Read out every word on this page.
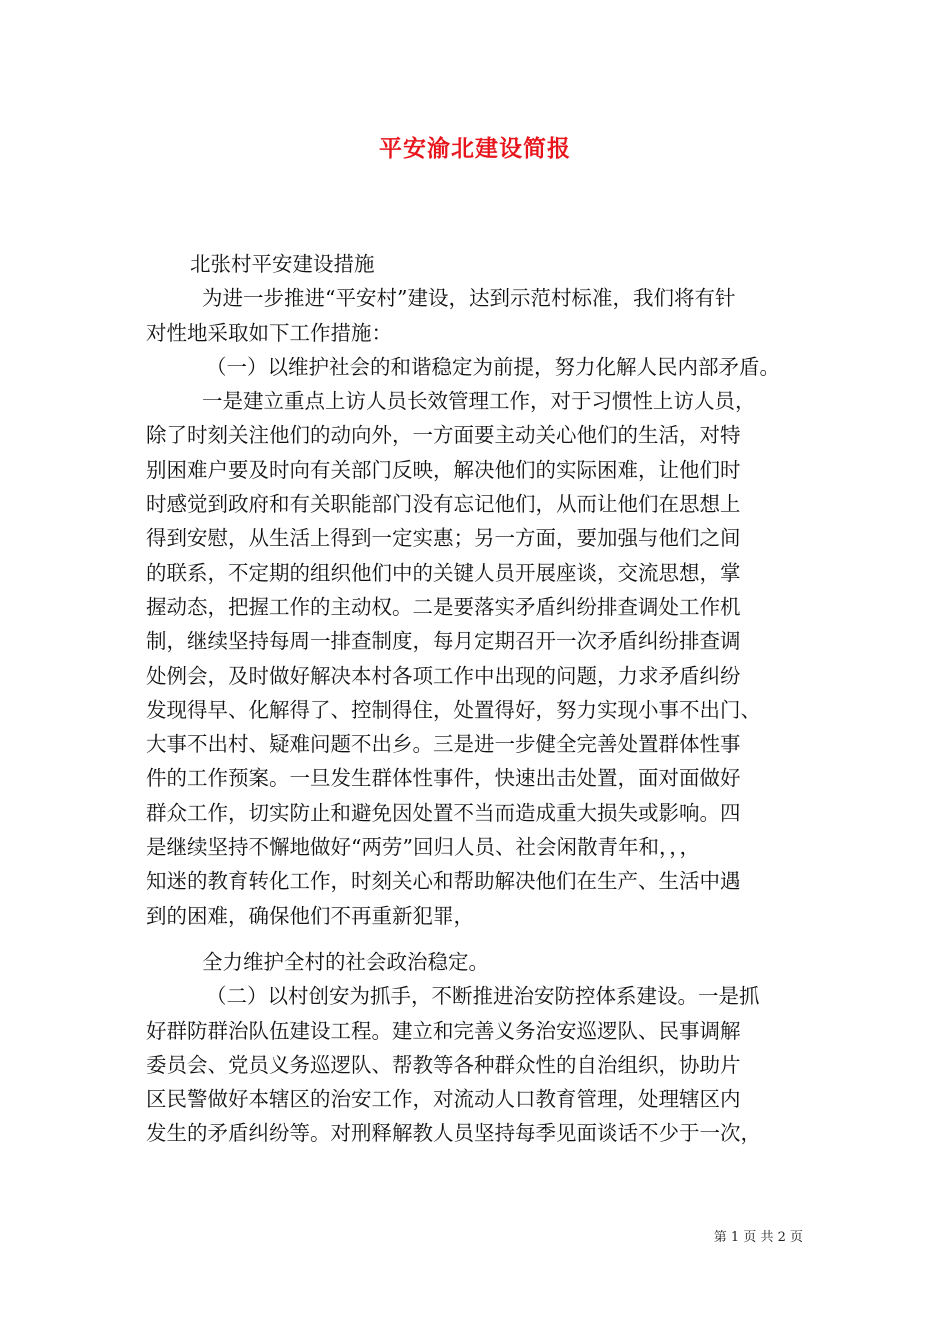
平安渝北建设简报
北张村平安建设措施
为进一步推进“平安村”建设，达到示范村标准，我们将有针
对性地采取如下工作措施：
（一）以维护社会的和谐稳定为前提，努力化解人民内部矛盾。
一是建立重点上访人员长效管理工作，对于习惯性上访人员，
除了时刻关注他们的动向外，一方面要主动关心他们的生活，对特
别困难户要及时向有关部门反映，解决他们的实际困难，让他们时
时感觉到政府和有关职能部门没有忘记他们，从而让他们在思想上
得到安慰，从生活上得到一定实惠；另一方面，要加强与他们之间
的联系，不定期的组织他们中的关键人员开展座谈，交流思想，掌
握动态，把握工作的主动权。二是要落实矛盾纠纷排查调处工作机
制，继续坚持每周一排查制度，每月定期召开一次矛盾纠纷排查调
处例会，及时做好解决本村各项工作中出现的问题，力求矛盾纠纷
发现得早、化解得了、控制得住，处置得好，努力实现小事不出门、
大事不出村、疑难问题不出乡。三是进一步健全完善处置群体性事
件的工作预案。一旦发生群体性事件，快速出击处置，面对面做好
群众工作，切实防止和避免因处置不当而造成重大损失或影响。四
是继续坚持不懈地做好“两劳”回归人员、社会闲散青年和，，，
知迷的教育转化工作，时刻关心和帮助解决他们在生产、生活中遇
到的困难，确保他们不再重新犯罪，
全力维护全村的社会政治稳定。
（二）以村创安为抓手，不断推进治安防控体系建设。一是抓
好群防群治队伍建设工程。建立和完善义务治安巡逻队、民事调解
委员会、党员义务巡逻队、帮教等各种群众性的自治组织，协助片
区民警做好本辖区的治安工作，对流动人口教育管理，处理辖区内
发生的矛盾纠纷等。对刑释解教人员坚持每季见面谈话不少于一次，
第 1 页 共 2 页
